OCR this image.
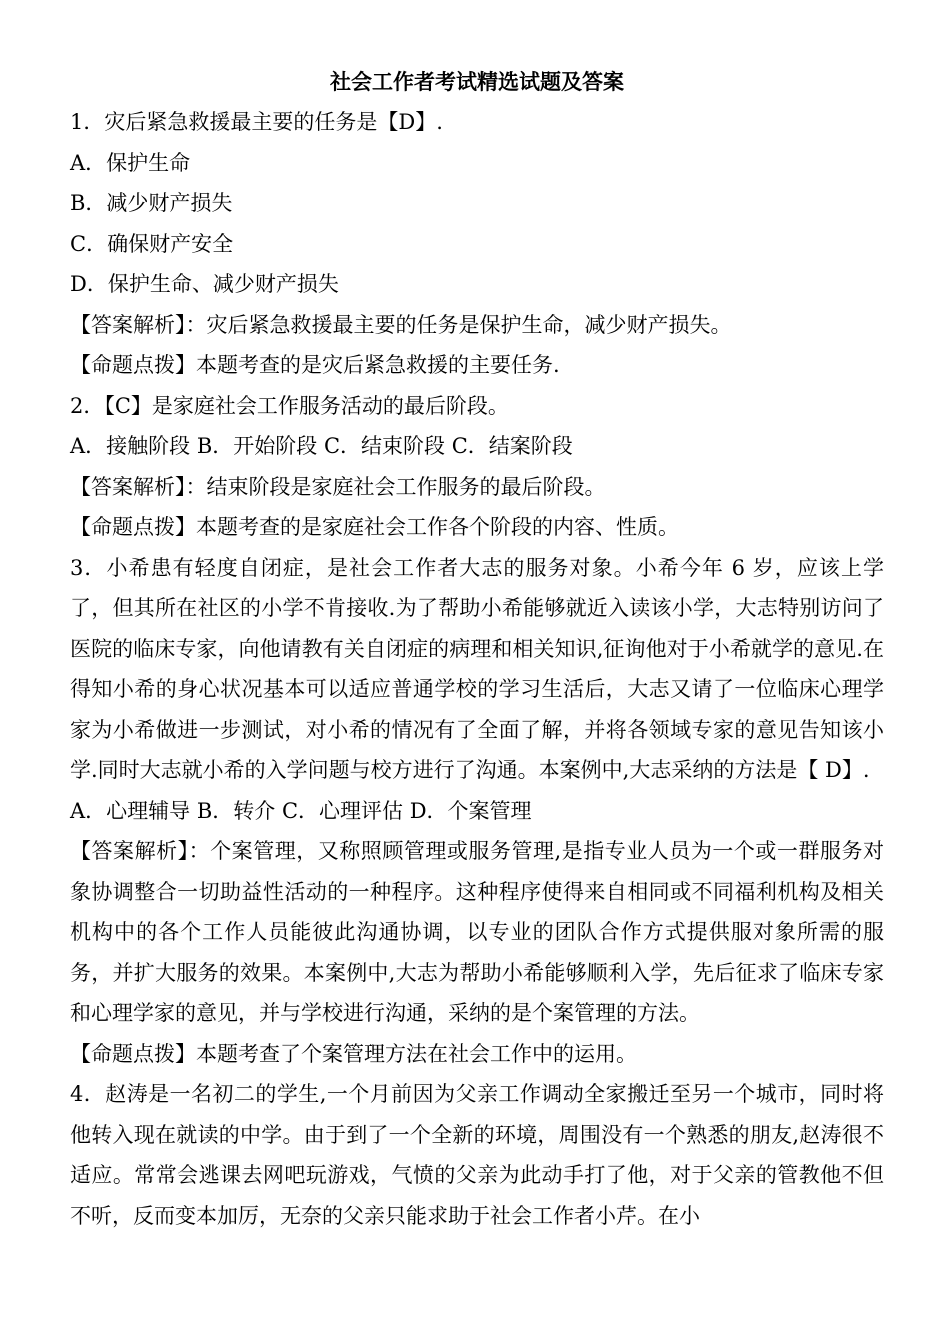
社会工作者考试精选试题及答案
1．灾后紧急救援最主要的任务是【D】.
A．保护生命
B．减少财产损失
C．确保财产安全
D．保护生命、减少财产损失
【答案解析】：灾后紧急救援最主要的任务是保护生命，减少财产损失。
【命题点拨】本题考查的是灾后紧急救援的主要任务.
2．【C】是家庭社会工作服务活动的最后阶段。
A．接触阶段 B．开始阶段 C．结束阶段 C．结案阶段
【答案解析】：结束阶段是家庭社会工作服务的最后阶段。
【命题点拨】本题考查的是家庭社会工作各个阶段的内容、性质。

3．小希患有轻度自闭症，是社会工作者大志的服务对象。小希今年 6 岁，应该上学了，但其所在社区的小学不肯接收.为了帮助小希能够就近入读该小学，大志特别访问了医院的临床专家，向他请教有关自闭症的病理和相关知识,征询他对于小希就学的意见.在得知小希的身心状况基本可以适应普通学校的学习生活后，大志又请了一位临床心理学家为小希做进一步测试，对小希的情况有了全面了解，并将各领域专家的意见告知该小学.同时大志就小希的入学问题与校方进行了沟通。本案例中,大志采纳的方法是【 D】.

A．心理辅导 B．转介 C．心理评估 D．个案管理

【答案解析】：个案管理，又称照顾管理或服务管理,是指专业人员为一个或一群服务对象协调整合一切助益性活动的一种程序。这种程序使得来自相同或不同福利机构及相关机构中的各个工作人员能彼此沟通协调，以专业的团队合作方式提供服对象所需的服务，并扩大服务的效果。本案例中,大志为帮助小希能够顺利入学，先后征求了临床专家和心理学家的意见，并与学校进行沟通，采纳的是个案管理的方法。

【命题点拨】本题考查了个案管理方法在社会工作中的运用。

4．赵涛是一名初二的学生,一个月前因为父亲工作调动全家搬迁至另一个城市，同时将他转入现在就读的中学。由于到了一个全新的环境，周围没有一个熟悉的朋友,赵涛很不适应。常常会逃课去网吧玩游戏，气愤的父亲为此动手打了他，对于父亲的管教他不但不听，反而变本加厉，无奈的父亲只能求助于社会工作者小芹。在小
